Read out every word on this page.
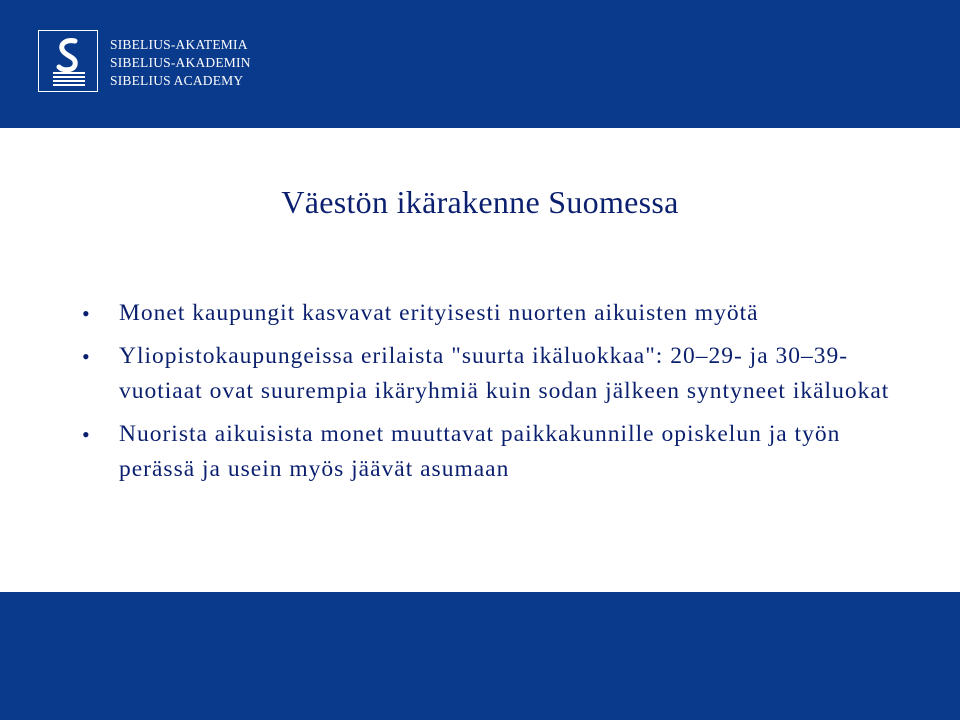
SIBELIUS-AKATEMIA
SIBELIUS-AKADEMIN
SIBELIUS ACADEMY
Väestön ikärakenne Suomessa
• Monet kaupungit kasvavat erityisesti nuorten aikuisten myötä
• Yliopistokaupungeissa erilaista "suurta ikäluokkaa": 20–29- ja 30–39-vuotiaat ovat suurempia ikäryhmiä kuin sodan jälkeen syntyneet ikäluokat
• Nuorista aikuisista monet muuttavat paikkakunnille opiskelun ja työn perässä ja usein myös jäävät asumaan
